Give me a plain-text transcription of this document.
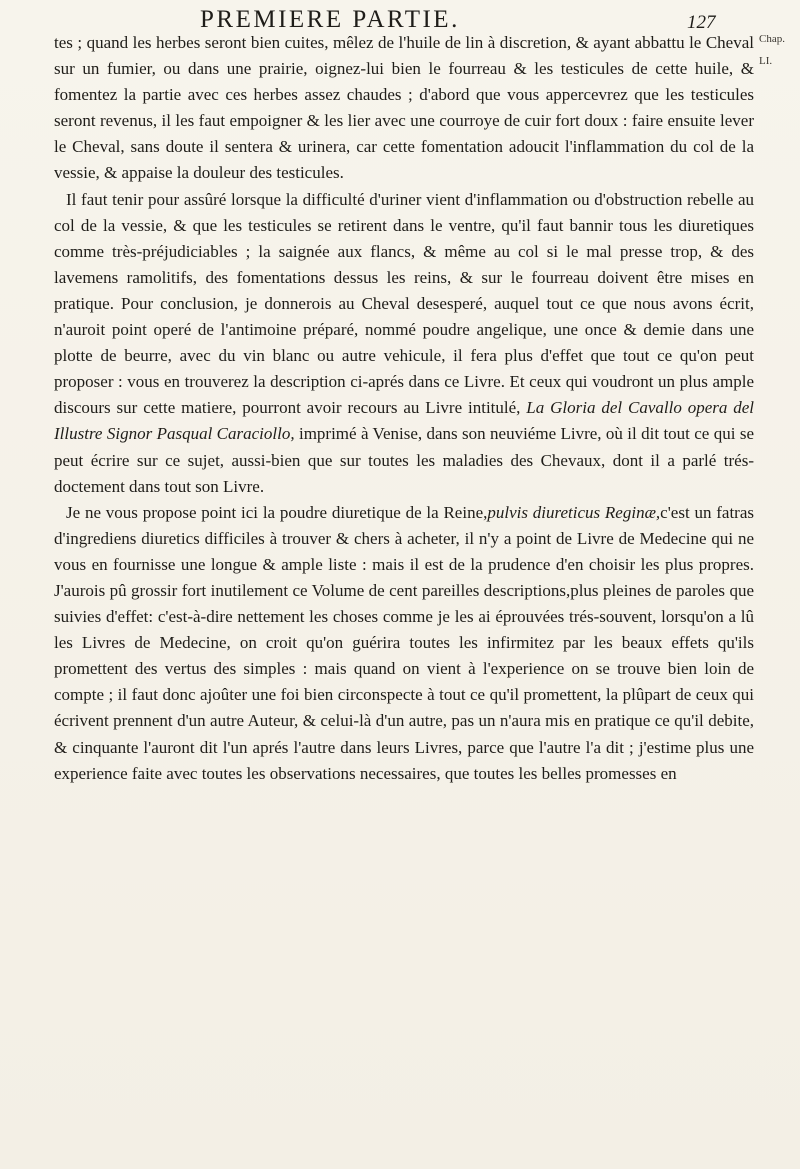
PREMIERE PARTIE.	127
Chap.
LI.

tes ; quand les herbes seront bien cuites, mêlez de l'huile de lin à discretion, & ayant abbattu le Cheval sur un fumier, ou dans une prairie, oignez-lui bien le fourreau & les testicules de cette huile, & fomentez la partie avec ces herbes assez chaudes ; d'abord que vous appercevrez que les testicules seront revenus, il les faut empoigner & les lier avec une courroye de cuir fort doux : faire ensuite lever le Cheval, sans doute il sentera & urinera, car cette fomentation adoucit l'inflammation du col de la vessie, & appaise la douleur des testicules.

Il faut tenir pour assûré lorsque la difficulté d'uriner vient d'inflammation ou d'obstruction rebelle au col de la vessie, & que les testicules se retirent dans le ventre, qu'il faut bannir tous les diuretiques comme très-préjudiciables ; la saignée aux flancs, & même au col si le mal presse trop, & des lavemens ramolitifs, des fomentations dessus les reins, & sur le fourreau doivent être mises en pratique. Pour conclusion, je donnerois au Cheval desesperé, auquel tout ce que nous avons écrit, n'auroit point operé de l'antimoine préparé, nommé poudre angelique, une once & demie dans une plotte de beurre, avec du vin blanc ou autre vehicule, il fera plus d'effet que tout ce qu'on peut proposer : vous en trouverez la description ci-aprés dans ce Livre. Et ceux qui voudront un plus ample discours sur cette matiere, pourront avoir recours au Livre intitulé, La Gloria del Cavallo opera del Illustre Signor Pasqual Caraciollo, imprimé à Venise, dans son neuviéme Livre, où il dit tout ce qui se peut écrire sur ce sujet, aussi-bien que sur toutes les maladies des Chevaux, dont il a parlé trés-doctement dans tout son Livre.

Je ne vous propose point ici la poudre diuretique de la Reine,pulvis diureticus Reginæ,c'est un fatras d'ingrediens diuretics difficiles à trouver & chers à acheter, il n'y a point de Livre de Medecine qui ne vous en fournisse une longue & ample liste : mais il est de la prudence d'en choisir les plus propres. J'aurois pû grossir fort inutilement ce Volume de cent pareilles descriptions,plus pleines de paroles que suivies d'effet: c'est-à-dire nettement les choses comme je les ai éprouvées trés-souvent, lorsqu'on a lû les Livres de Medecine, on croit qu'on guérira toutes les infirmitez par les beaux effets qu'ils promettent des vertus des simples : mais quand on vient à l'experience on se trouve bien loin de compte ; il faut donc ajoûter une foi bien circonspecte à tout ce qu'il promettent, la plûpart de ceux qui écrivent prennent d'un autre Auteur, & celui-là d'un autre, pas un n'aura mis en pratique ce qu'il debite, & cinquante l'auront dit l'un aprés l'autre dans leurs Livres, parce que l'autre l'a dit ; j'estime plus une experience faite avec toutes les observations necessaires, que toutes les belles promesses en
